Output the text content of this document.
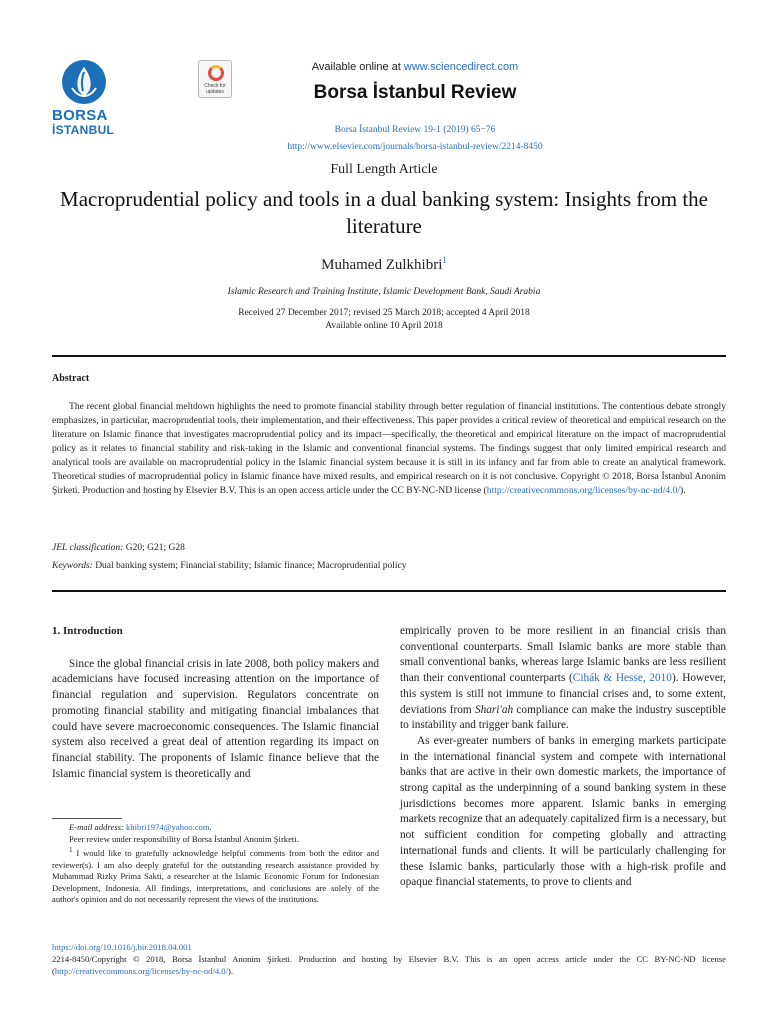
BORSA
İSTANBUL
Check for updates
Available online at www.sciencedirect.com
Borsa İstanbul Review
Borsa İstanbul Review 19-1 (2019) 65−76
http://www.elsevier.com/journals/borsa-istanbul-review/2214-8450
Full Length Article
Macroprudential policy and tools in a dual banking system: Insights from the literature
Muhamed Zulkhibri$^1$
Islamic Research and Training Institute, Islamic Development Bank, Saudi Arabia
Received 27 December 2017; revised 25 March 2018; accepted 4 April 2018
Available online 10 April 2018
Abstract
The recent global financial meltdown highlights the need to promote financial stability through better regulation of financial institutions. The contentious debate strongly emphasizes, in particular, macroprudential tools, their implementation, and their effectiveness. This paper provides a critical review of theoretical and empirical research on the literature on Islamic finance that investigates macroprudential policy and its impact—specifically, the theoretical and empirical literature on the impact of macroprudential policy as it relates to financial stability and risk-taking in the Islamic and conventional financial systems. The findings suggest that only limited empirical research and analytical tools are available on macroprudential policy in the Islamic financial system because it is still in its infancy and far from able to create an analytical framework. Theoretical studies of macroprudential policy in Islamic finance have mixed results, and empirical research on it is not conclusive. Copyright © 2018, Borsa İstanbul Anonim Şirketi. Production and hosting by Elsevier B.V. This is an open access article under the CC BY-NC-ND license (http://creativecommons.org/licenses/by-nc-nd/4.0/).
JEL classification: G20; G21; G28
Keywords: Dual banking system; Financial stability; Islamic finance; Macroprudential policy
1. Introduction
Since the global financial crisis in late 2008, both policy makers and academicians have focused increasing attention on the importance of financial regulation and supervision. Regulators concentrate on promoting financial stability and mitigating financial imbalances that could have severe macroeconomic consequences. The Islamic financial system also received a great deal of attention regarding its impact on financial stability. The proponents of Islamic finance believe that the Islamic financial system is theoretically and
empirically proven to be more resilient in an financial crisis than conventional counterparts. Small Islamic banks are more stable than small conventional banks, whereas large Islamic banks are less resilient than their conventional counterparts (Cihák & Hesse, 2010). However, this system is still not immune to financial crises and, to some extent, deviations from Shari'ah compliance can make the industry susceptible to instability and trigger bank failure.
As ever-greater numbers of banks in emerging markets participate in the international financial system and compete with international banks that are active in their own domestic markets, the importance of strong capital as the underpinning of a sound banking system in these jurisdictions becomes more apparent. Islamic banks in emerging markets recognize that an adequately capitalized firm is a necessary, but not sufficient condition for competing globally and attracting international funds and clients. It will be particularly challenging for these Islamic banks, particularly those with a high-risk profile and opaque financial statements, to prove to clients and
E-mail address: khibri1974@yahoo.com.
Peer review under responsibility of Borsa İstanbul Anonim Şirketi.
$^1$ I would like to gratefully acknowledge helpful comments from both the editor and reviewer(s). I am also deeply grateful for the outstanding research assistance provided by Muhammad Rizky Prima Sakti, a researcher at the Islamic Economic Forum for Indonesian Development, Indonesia. All findings, interpretations, and conclusions are solely of the author's opinion and do not necessarily represent the views of the institutions.
https://doi.org/10.1016/j.bir.2018.04.001
2214-8450/Copyright © 2018, Borsa İstanbul Anonim Şirketi. Production and hosting by Elsevier B.V. This is an open access article under the CC BY-NC-ND license (http://creativecommons.org/licenses/by-nc-nd/4.0/).
